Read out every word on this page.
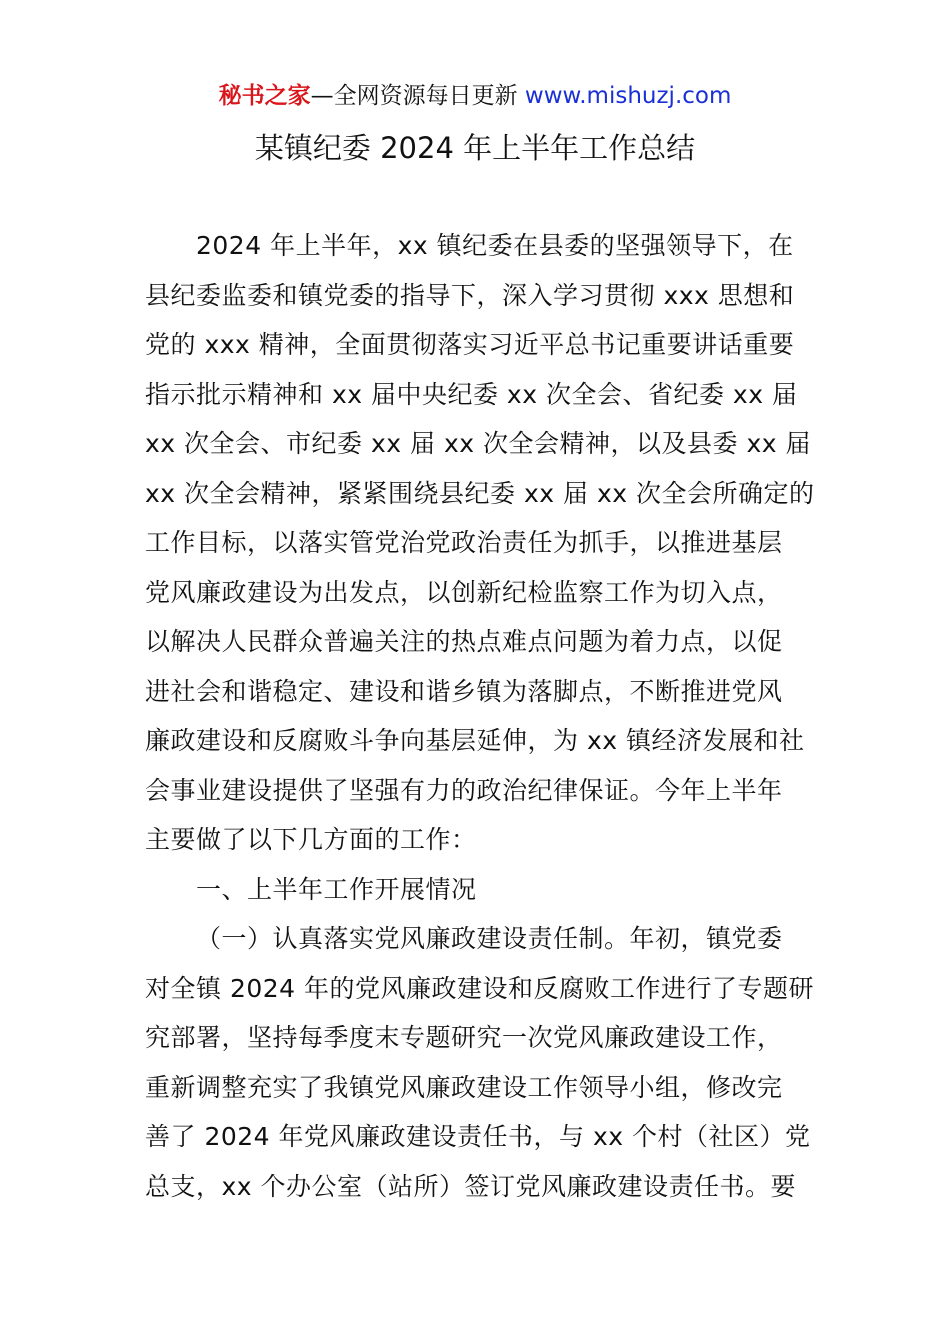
秘书之家—全网资源每日更新 www.mishuzj.com
某镇纪委 2024 年上半年工作总结
2024 年上半年，xx 镇纪委在县委的坚强领导下，在
县纪委监委和镇党委的指导下，深入学习贯彻 xxx 思想和
党的 xxx 精神，全面贯彻落实习近平总书记重要讲话重要
指示批示精神和 xx 届中央纪委 xx 次全会、省纪委 xx 届
xx 次全会、市纪委 xx 届 xx 次全会精神，以及县委 xx 届
xx 次全会精神，紧紧围绕县纪委 xx 届 xx 次全会所确定的
工作目标，以落实管党治党政治责任为抓手，以推进基层
党风廉政建设为出发点，以创新纪检监察工作为切入点，
以解决人民群众普遍关注的热点难点问题为着力点，以促
进社会和谐稳定、建设和谐乡镇为落脚点，不断推进党风
廉政建设和反腐败斗争向基层延伸，为 xx 镇经济发展和社
会事业建设提供了坚强有力的政治纪律保证。今年上半年
主要做了以下几方面的工作：
一、上半年工作开展情况
（一）认真落实党风廉政建设责任制。年初，镇党委
对全镇 2024 年的党风廉政建设和反腐败工作进行了专题研
究部署，坚持每季度末专题研究一次党风廉政建设工作，
重新调整充实了我镇党风廉政建设工作领导小组，修改完
善了 2024 年党风廉政建设责任书，与 xx 个村（社区）党
总支，xx 个办公室（站所）签订党风廉政建设责任书。要
